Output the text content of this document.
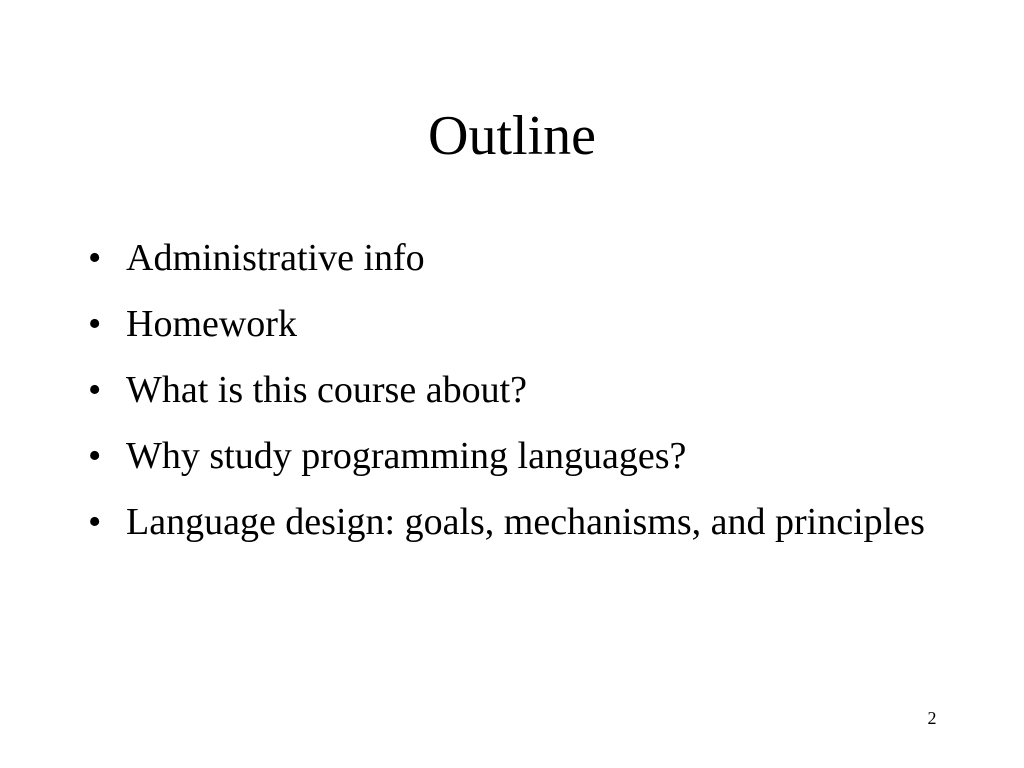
Outline
• Administrative info
• Homework
• What is this course about?
• Why study programming languages?
• Language design: goals, mechanisms, and principles
2
